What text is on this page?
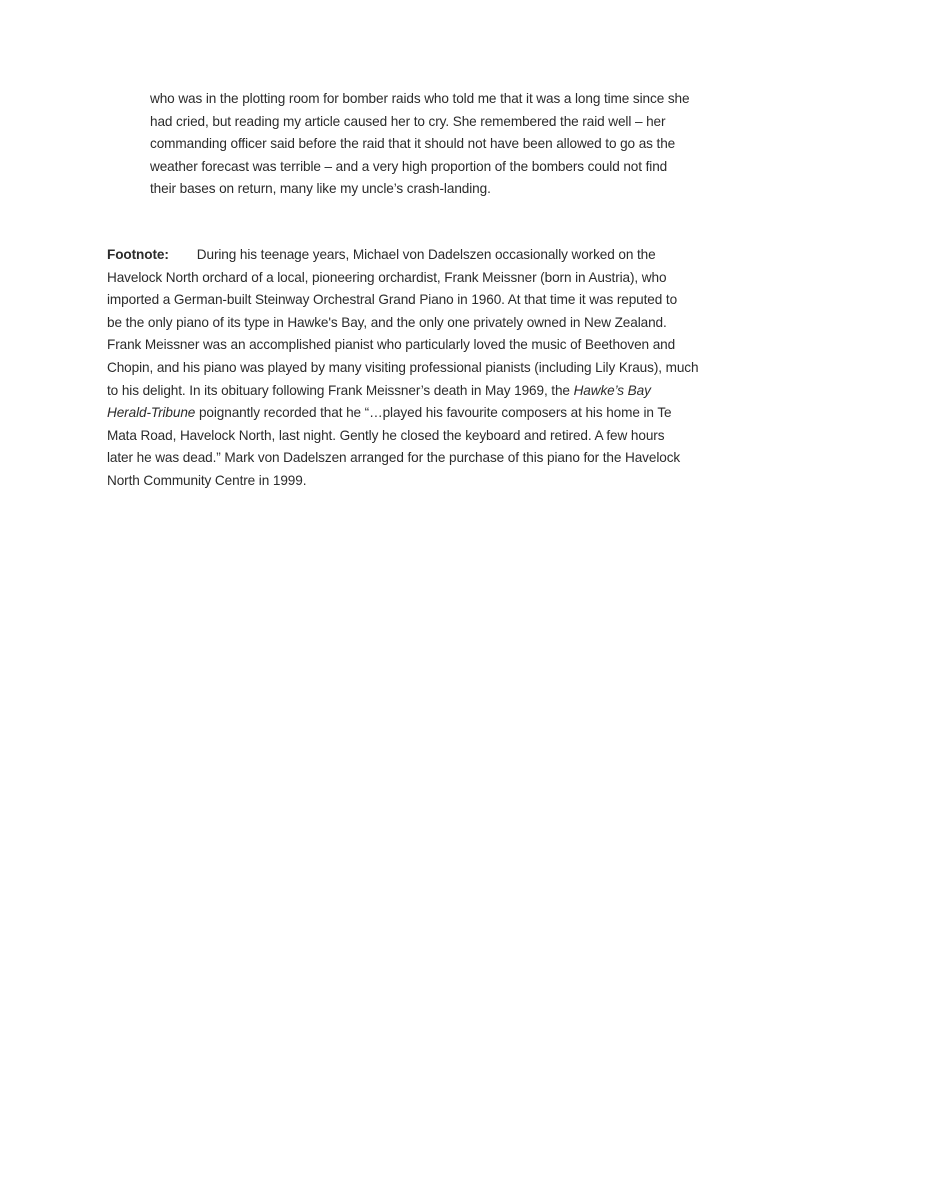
who was in the plotting room for bomber raids who told me that it was a long time since she
had cried, but reading my article caused her to cry. She remembered the raid well – her
commanding officer said before the raid that it should not have been allowed to go as the
weather forecast was terrible – and a very high proportion of the bombers could not find
their bases on return, many like my uncle’s crash-landing.
Footnote: During his teenage years, Michael von Dadelszen occasionally worked on the
Havelock North orchard of a local, pioneering orchardist, Frank Meissner (born in Austria), who
imported a German-built Steinway Orchestral Grand Piano in 1960. At that time it was reputed to
be the only piano of its type in Hawke's Bay, and the only one privately owned in New Zealand.
Frank Meissner was an accomplished pianist who particularly loved the music of Beethoven and
Chopin, and his piano was played by many visiting professional pianists (including Lily Kraus), much
to his delight. In its obituary following Frank Meissner’s death in May 1969, the Hawke’s Bay
Herald-Tribune poignantly recorded that he “…played his favourite composers at his home in Te
Mata Road, Havelock North, last night. Gently he closed the keyboard and retired. A few hours
later he was dead.” Mark von Dadelszen arranged for the purchase of this piano for the Havelock
North Community Centre in 1999.
